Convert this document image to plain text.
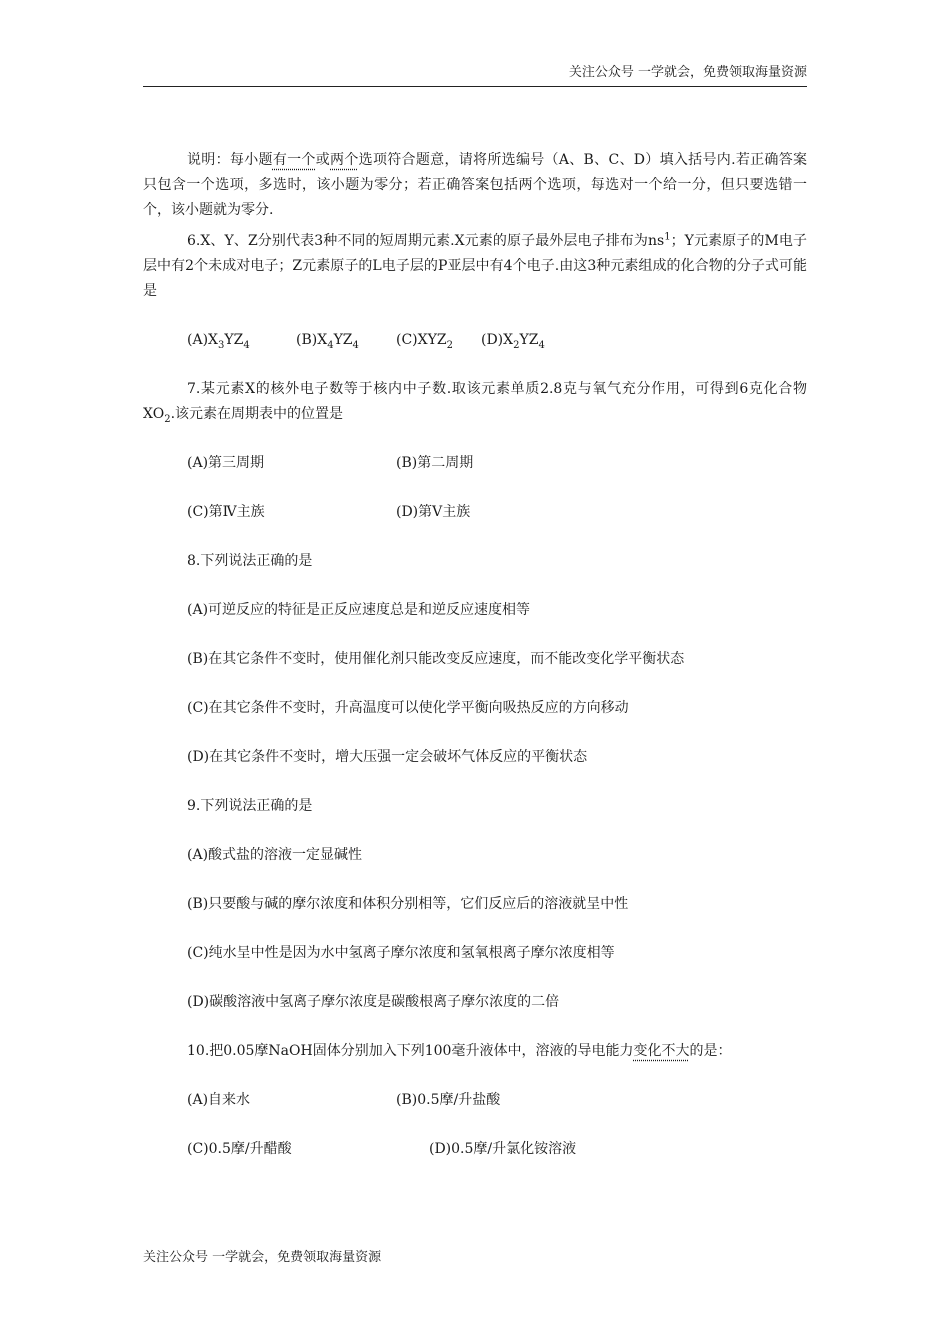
关注公众号 一学就会，免费领取海量资源

说明：每小题有一个或两个选项符合题意，请将所选编号（A、B、C、D）填入括号内.若正确答案只包含一个选项，多选时，该小题为零分；若正确答案包括两个选项，每选对一个给一分，但只要选错一个，该小题就为零分.

6.X、Y、Z分别代表3种不同的短周期元素.X元素的原子最外层电子排布为$ns^1$；Y元素原子的M电子层中有2个未成对电子；Z元素原子的L电子层的P亚层中有4个电子.由这3种元素组成的化合物的分子式可能是

$(A)X_3YZ_4$	$(B)X_4YZ_4$	$(C)XYZ_2$ $(D)X_2YZ_4$

7.某元素X的核外电子数等于核内中子数.取该元素单质2.8克与氧气充分作用，可得到6克化合物$XO_2$.该元素在周期表中的位置是

(A)第三周期	(B)第二周期
(C)第Ⅳ主族	(D)第Ⅴ主族

8.下列说法正确的是

(A)可逆反应的特征是正反应速度总是和逆反应速度相等

(B)在其它条件不变时，使用催化剂只能改变反应速度，而不能改变化学平衡状态

(C)在其它条件不变时，升高温度可以使化学平衡向吸热反应的方向移动

(D)在其它条件不变时，增大压强一定会破坏气体反应的平衡状态

9.下列说法正确的是

(A)酸式盐的溶液一定显碱性

(B)只要酸与碱的摩尔浓度和体积分别相等，它们反应后的溶液就呈中性

(C)纯水呈中性是因为水中氢离子摩尔浓度和氢氧根离子摩尔浓度相等

(D)碳酸溶液中氢离子摩尔浓度是碳酸根离子摩尔浓度的二倍

10.把0.05摩NaOH固体分别加入下列100毫升液体中，溶液的导电能力变化不大的是：

(A)自来水	(B)0.5摩/升盐酸
(C)0.5摩/升醋酸	(D)0.5摩/升氯化铵溶液
关注公众号 一学就会，免费领取海量资源
